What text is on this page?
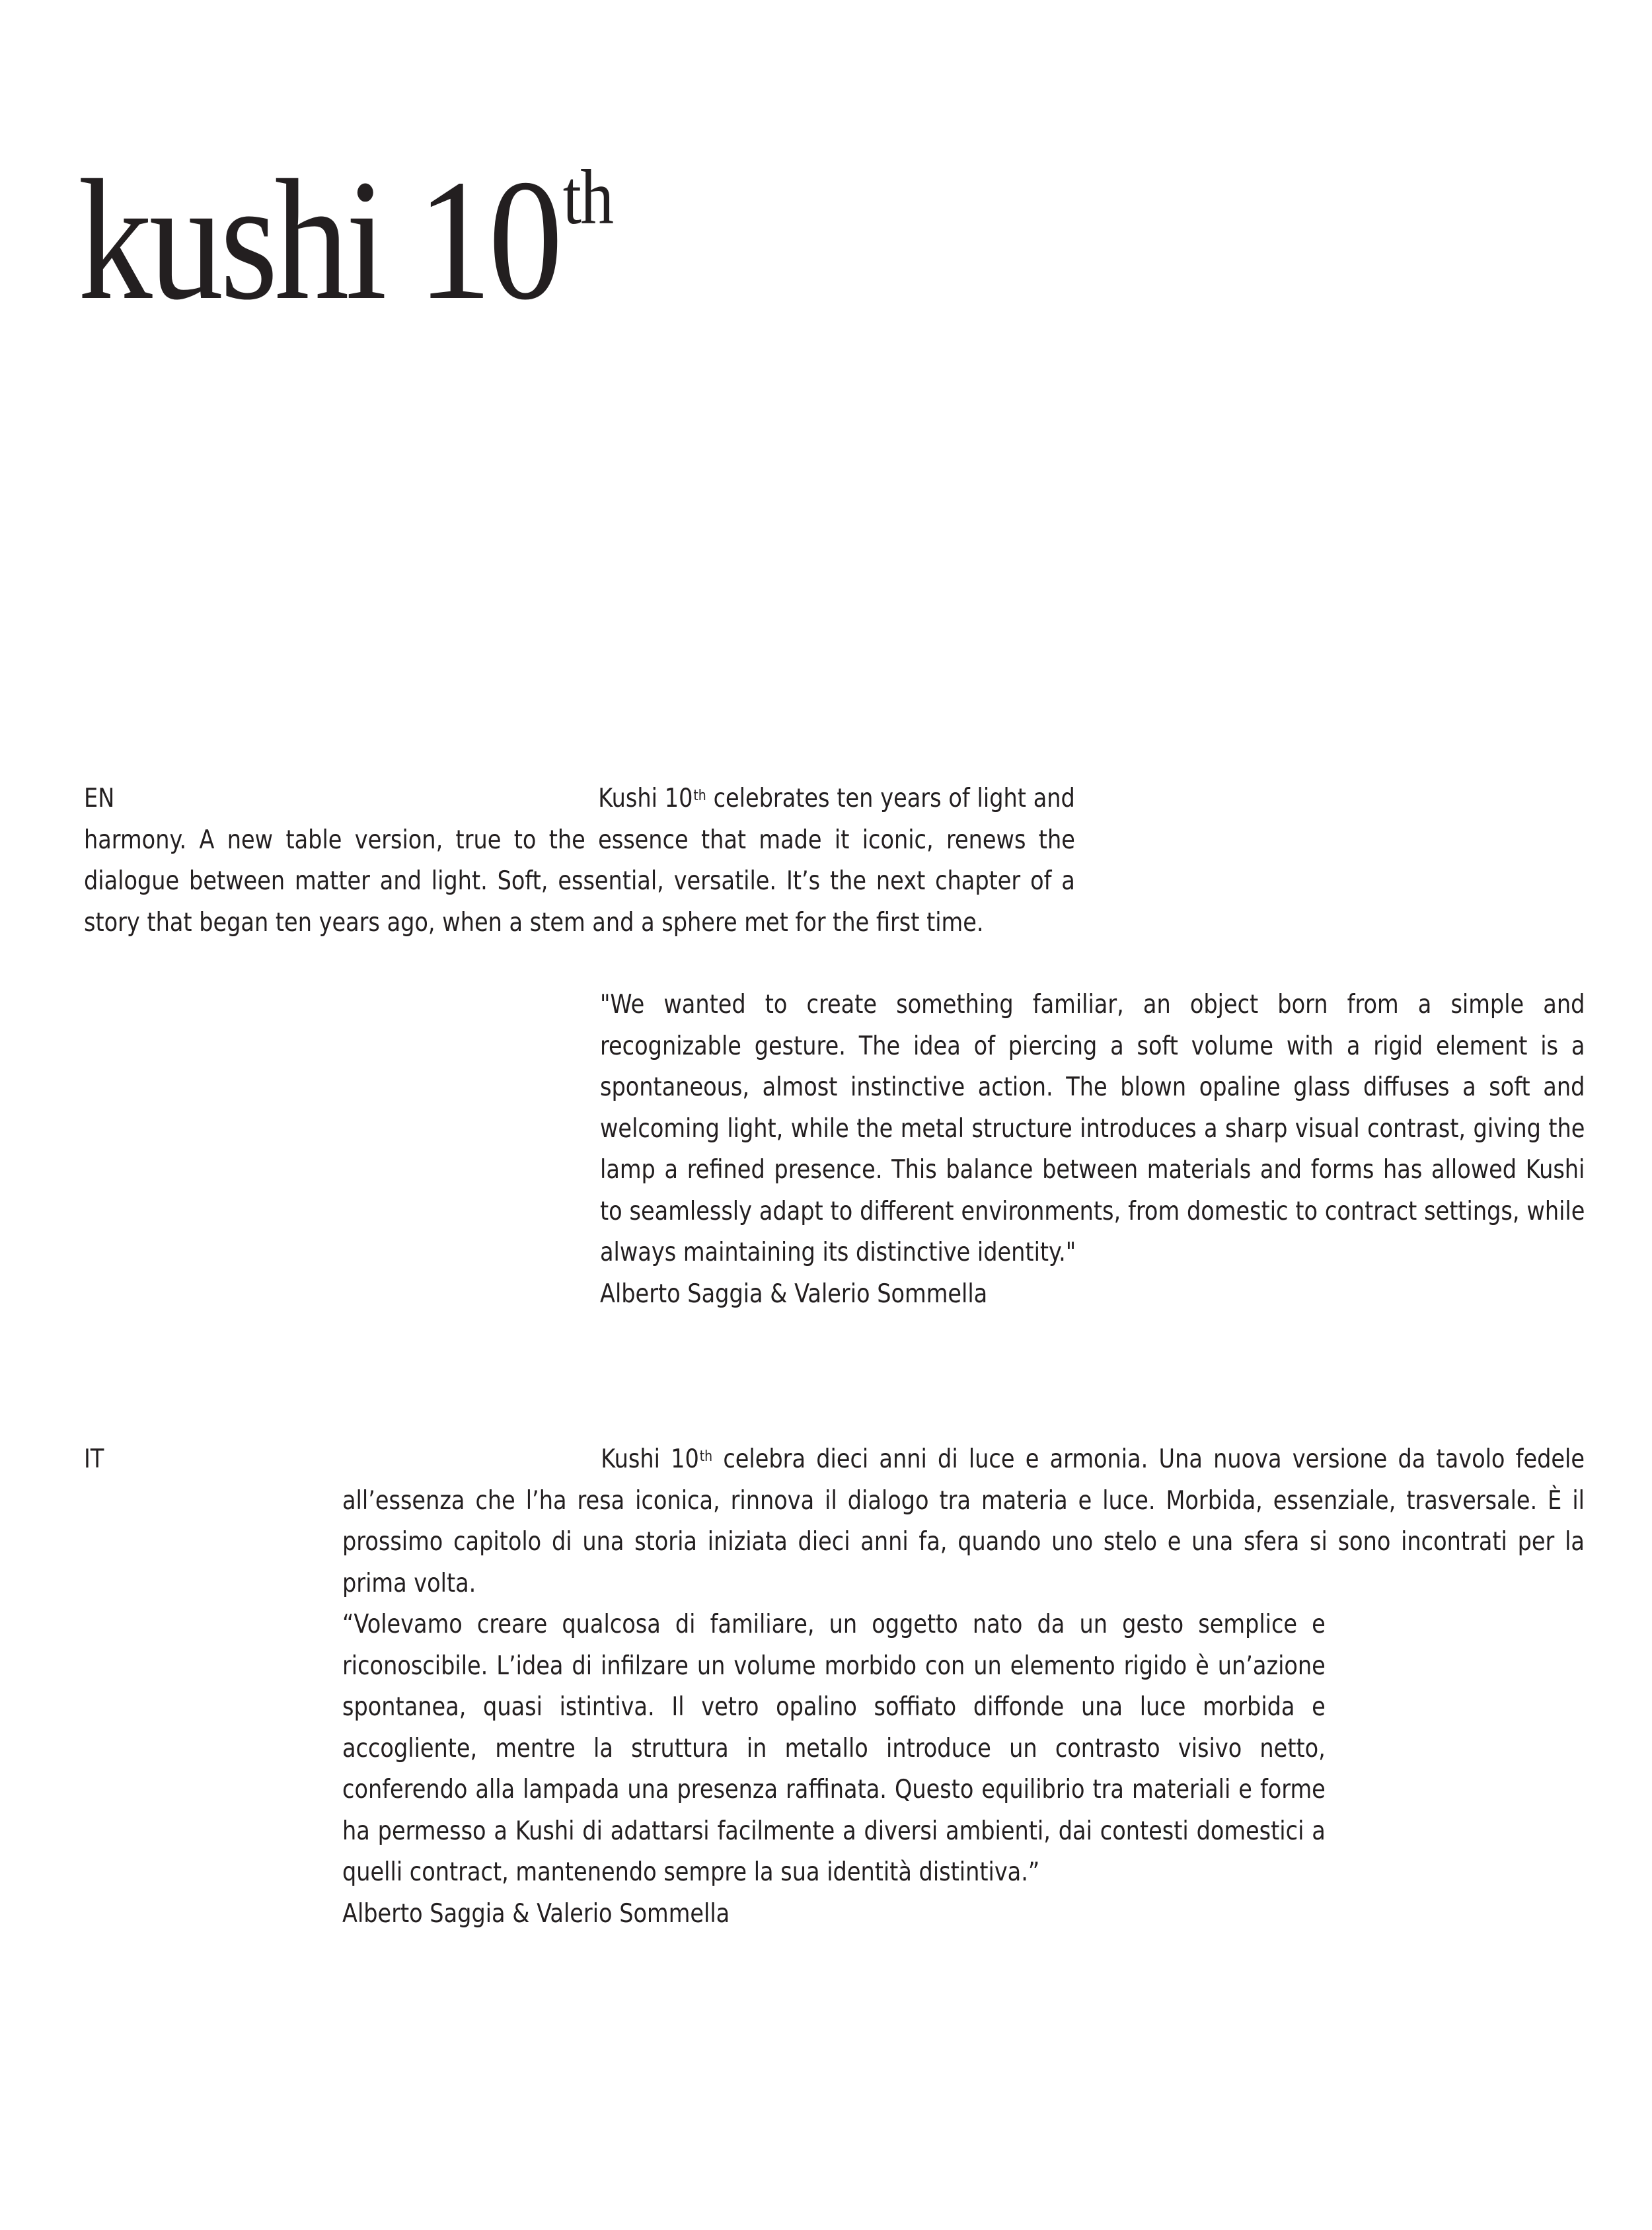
kushi 10th
EN	Kushi 10th celebrates ten years of light and harmony. A new table version, true to the essence that made it iconic, renews the dialogue between matter and light. Soft, essential, versatile. It’s the next chapter of a story that began ten years ago, when a stem and a sphere met for the first time.

"We wanted to create something familiar, an object born from a simple and recognizable gesture. The idea of piercing a soft volume with a rigid element is a spontaneous, almost instinctive action. The blown opaline glass diffuses a soft and welcoming light, while the metal structure introduces a sharp visual contrast, giving the lamp a refined presence. This balance between materials and forms has allowed Kushi to seamlessly adapt to different environments, from domestic to contract settings, while always maintaining its distinctive identity."

Alberto Saggia & Valerio Sommella

IT	Kushi 10th celebra dieci anni di luce e armonia. Una nuova versione da tavolo fedele all’essenza che l’ha resa iconica, rinnova il dialogo tra materia e luce. Morbida, essenziale, trasversale. È il prossimo capitolo di una storia iniziata dieci anni fa, quando uno stelo e una sfera si sono incontrati per la prima volta.

“Volevamo creare qualcosa di familiare, un oggetto nato da un gesto semplice e riconoscibile. L’idea di infilzare un volume morbido con un elemento rigido è un’azione spontanea, quasi istintiva. Il vetro opalino soffiato diffonde una luce morbida e accogliente, mentre la struttura in metallo introduce un contrasto visivo netto, conferendo alla lampada una presenza raffinata. Questo equilibrio tra materiali e forme ha permesso a Kushi di adattarsi facilmente a diversi ambienti, dai contesti domestici a quelli contract, mantenendo sempre la sua identità distintiva.”

Alberto Saggia & Valerio Sommella
